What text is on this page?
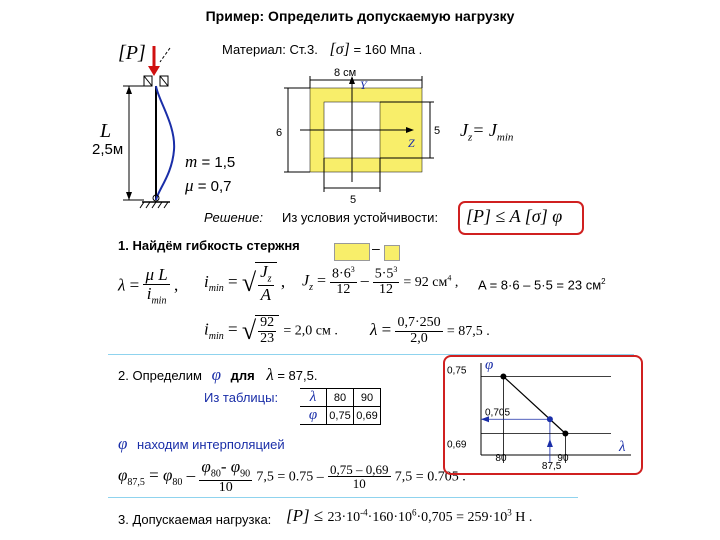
Пример: Определить допускаемую нагрузку
[P]
L
2,5м
m = 1,5
μ = 0,7
Материал: Ст.3. [σ] = 160 Мпа .
8 см
6	5
5
Y
Z
$J_z= J_{min}$
Решение: Из условия устойчивости: [P] ≤ A [σ] φ
1. Найдём гибкость стержня	–
$\lambda = \frac{\text{μ L}}{i_{min}}$ , $i_{min}$ = √ $\frac{J_z}{A}$ , $J_z = \frac{8\cdot 6^3}{12} - \frac{5\cdot 5^3}{12} = 92$ $см^4$ , A = 8·6 – 5·5 = 23 $см^2$
$i_{min}$ = √ $\frac{92}{23} = 2,0$ см . $\lambda = \frac{0,7\cdot 250}{2,0} = 87,5$ .
2. Определим φ для λ = 87,5.
Из таблицы: λ	80	90
φ	0,75	0,69
φ находим интерполяцией
$\varphi_{87,5} = \varphi_{80} - \frac{\varphi_{80}- \varphi_{90}}{10} 7,5 = 0.75 - \frac{0,75 - 0,69}{10} 7,5 = 0.705$ .
0,75
0,705
0,69
80
87,5
90
φ
λ
3. Допускаемая нагрузка: $[P] \le 23\cdot 10^{-4}\cdot 160\cdot 10^6\cdot 0,705 = 259\cdot 10^3$ Н .
